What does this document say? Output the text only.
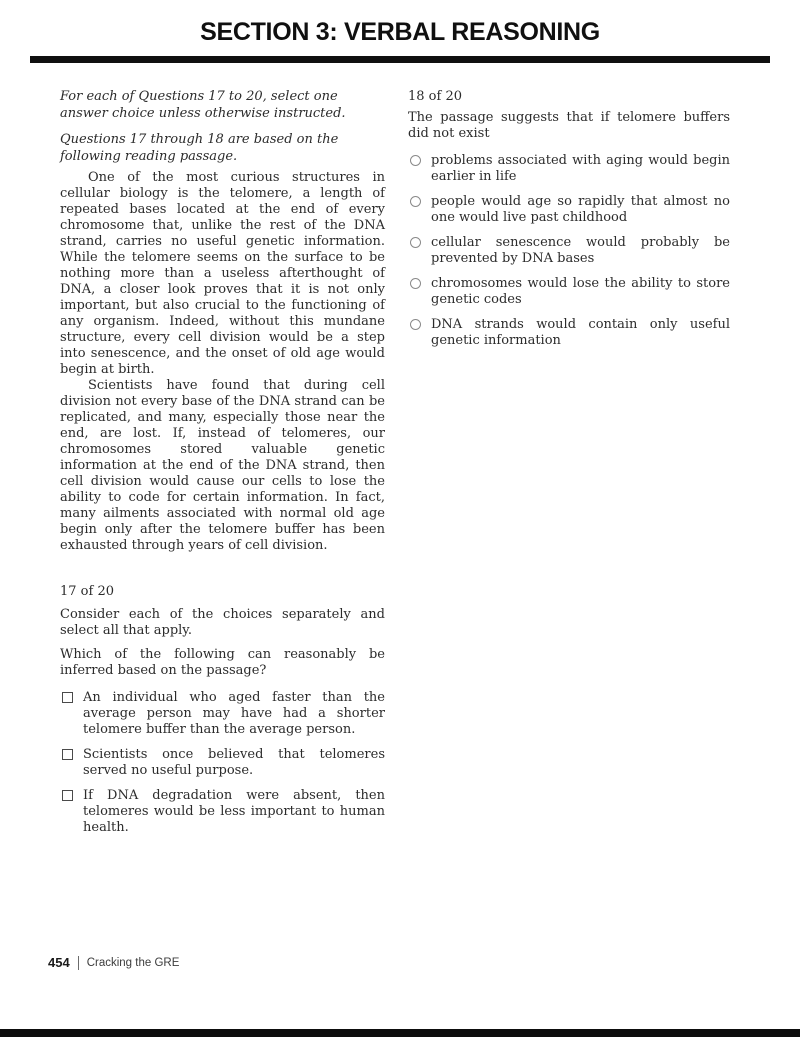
SECTION 3: VERBAL REASONING
For each of Questions 17 to 20, select one answer choice unless otherwise instructed.
Questions 17 through 18 are based on the following reading passage.

One of the most curious structures in cellular biology is the telomere, a length of repeated bases located at the end of every chromosome that, unlike the rest of the DNA strand, carries no useful genetic information. While the telomere seems on the surface to be nothing more than a useless afterthought of DNA, a closer look proves that it is not only important, but also crucial to the functioning of any organism. Indeed, without this mundane structure, every cell division would be a step into senescence, and the onset of old age would begin at birth.

Scientists have found that during cell division not every base of the DNA strand can be replicated, and many, especially those near the end, are lost. If, instead of telomeres, our chromosomes stored valuable genetic information at the end of the DNA strand, then cell division would cause our cells to lose the ability to code for certain information. In fact, many ailments associated with normal old age begin only after the telomere buffer has been exhausted through years of cell division.

17 of 20
Consider each of the choices separately and select all that apply.
Which of the following can reasonably be inferred based on the passage?
An individual who aged faster than the average person may have had a shorter telomere buffer than the average person.
Scientists once believed that telomeres served no useful purpose.
If DNA degradation were absent, then telomeres would be less important to human health.
18 of 20
The passage suggests that if telomere buffers did not exist
problems associated with aging would begin earlier in life
people would age so rapidly that almost no one would live past childhood
cellular senescence would probably be prevented by DNA bases
chromosomes would lose the ability to store genetic codes
DNA strands would contain only useful genetic information
454 Cracking the GRE
